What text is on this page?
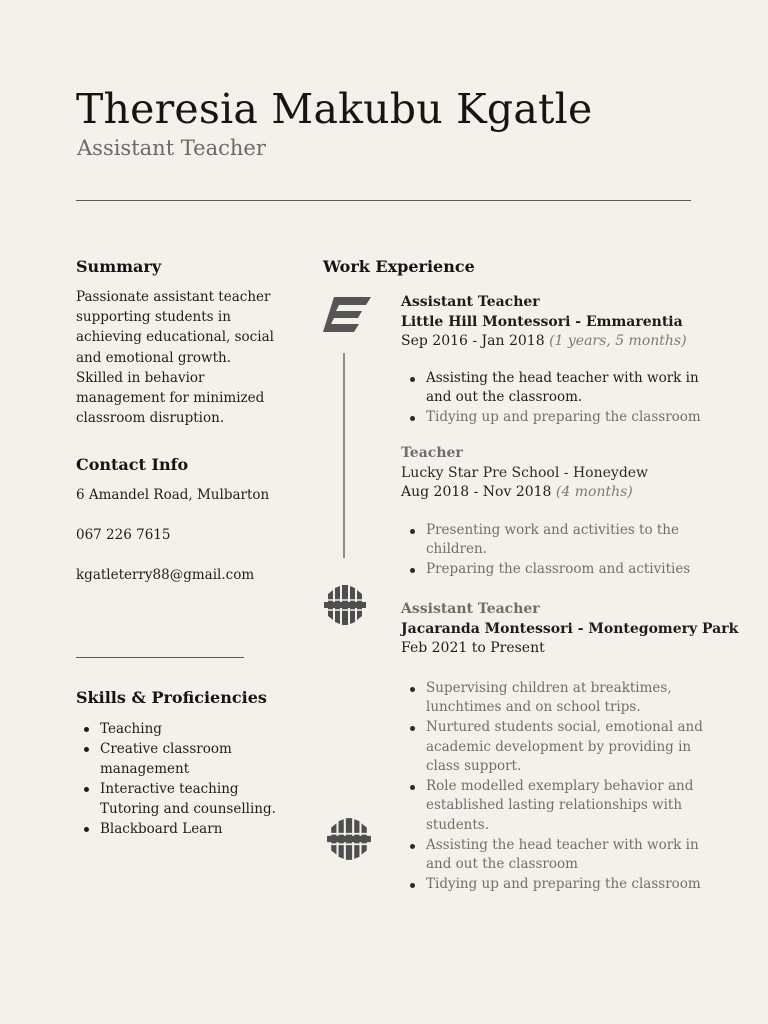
Theresia Makubu Kgatle
Assistant Teacher
Summary
Passionate assistant teacher supporting students in achieving educational, social and emotional growth. Skilled in behavior management for minimized classroom disruption.
Contact Info
6 Amandel Road, Mulbarton
067 226 7615
kgatleterry88@gmail.com
Skills & Proficiencies
Teaching
Creative classroom management
Interactive teaching Tutoring and counselling.
Blackboard Learn
Work Experience
Assistant Teacher
Little Hill Montessori - Emmarentia
Sep 2016 - Jan 2018 (1 years, 5 months)
Assisting the head teacher with work in and out the classroom.
Tidying up and preparing the classroom
Teacher
Lucky Star Pre School - Honeydew
Aug 2018 - Nov 2018 (4 months)
Presenting work and activities to the children.
Preparing the classroom and activities
Assistant Teacher
Jacaranda Montessori - Montegomery Park
Feb 2021 to Present
Supervising children at breaktimes, lunchtimes and on school trips.
Nurtured students social, emotional and academic development by providing in class support.
Role modelled exemplary behavior and established lasting relationships with students.
Assisting the head teacher with work in and out the classroom
Tidying up and preparing the classroom
